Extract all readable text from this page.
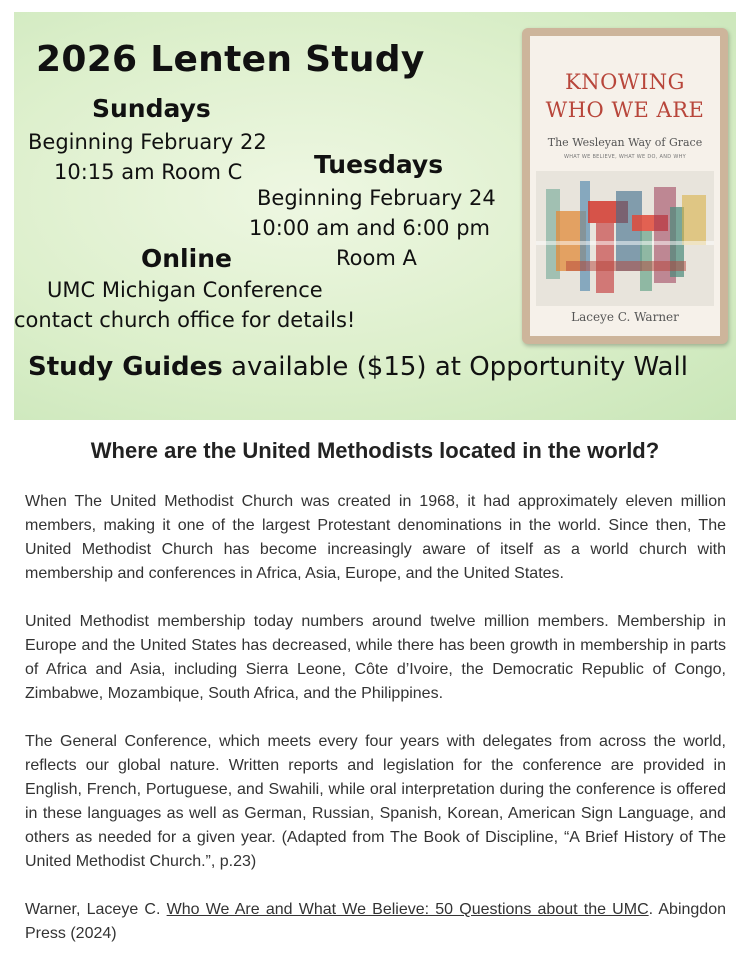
2026 Lenten Study
Sundays
Beginning February 22
10:15 am Room C	Tuesdays
Beginning February 24
10:00 am and 6:00 pm
Room A
Online
UMC Michigan Conference
contact church office for details!
Study Guides available ($15) at Opportunity Wall
KNOWING
WHO WE ARE
The Wesleyan Way of Grace
WHAT WE BELIEVE, WHAT WE DO, AND WHY
Laceye C. Warner
Where are the United Methodists located in the world?
When The United Methodist Church was created in 1968, it had approximately eleven million members, making it one of the largest Protestant denominations in the world. Since then, The United Methodist Church has become increasingly aware of itself as a world church with membership and conferences in Africa, Asia, Europe, and the United States.
United Methodist membership today numbers around twelve million members. Membership in Europe and the United States has decreased, while there has been growth in membership in parts of Africa and Asia, including Sierra Leone, Côte d’Ivoire, the Democratic Republic of Congo, Zimbabwe, Mozambique, South Africa, and the Philippines.
The General Conference, which meets every four years with delegates from across the world, reflects our global nature. Written reports and legislation for the conference are provided in English, French, Portuguese, and Swahili, while oral interpretation during the conference is offered in these languages as well as German, Russian, Spanish, Korean, American Sign Language, and others as needed for a given year. (Adapted from The Book of Discipline, “A Brief History of The United Methodist Church.”, p.23)
Warner, Laceye C. Who We Are and What We Believe: 50 Questions about the UMC. Abingdon Press (2024)
